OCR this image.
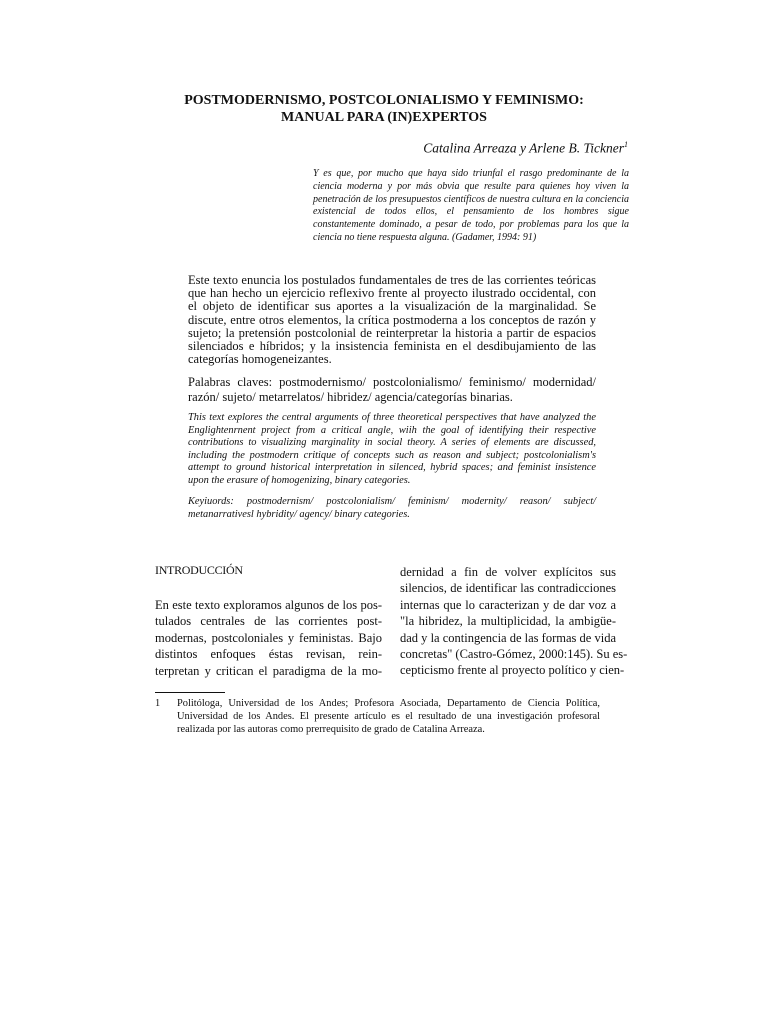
POSTMODERNISMO, POSTCOLONIALISMO Y FEMINISMO:
MANUAL PARA (IN)EXPERTOS
Catalina Arreaza y Arlene B. Tickner$^1$
Y es que, por mucho que haya sido triunfal el rasgo predominante de la ciencia moderna y por más obvia que resulte para quienes hoy viven la penetración de los presupuestos científicos de nuestra cultura en la conciencia existencial de todos ellos, el pensamiento de los hombres sigue constantemente dominado, a pesar de todo, por problemas para los que la ciencia no tiene respuesta alguna. (Gadamer, 1994: 91)
Este texto enuncia los postulados fundamentales de tres de las corrientes teóricas que han hecho un ejercicio reflexivo frente al proyecto ilustrado occidental, con el objeto de identificar sus aportes a la visualización de la marginalidad. Se discute, entre otros elementos, la crítica postmoderna a los conceptos de razón y sujeto; la pretensión postcolonial de reinterpretar la historia a partir de espacios silenciados e híbridos; y la insistencia feminista en el desdibujamiento de las categorías homogeneizantes.
Palabras claves: postmodernismo/ postcolonialismo/ feminismo/ modernidad/ razón/ sujeto/ metarrelatos/ hibridez/ agencia/categorías binarias.
This text explores the central arguments of three theoretical perspectives that have analyzed the Englightenrnent project from a critical angle, wiih the goal of identifying their respective contributions to visualizing marginality in social theory. A series of elements are discussed, including the postmodern critique of concepts such as reason and subject; postcolonialism's attempt to ground historical interpretation in silenced, hybrid spaces; and feminist insistence upon the erasure of homogenizing, binary categories.
Keyiuords: postmodernism/ postcolonialism/ feminism/ modernity/ reason/ subject/ metanarrativesl hybridity/ agency/ binary categories.
INTRODUCCIÓN
En este texto exploramos algunos de los pos-
tulados centrales de las corrientes post-
modernas, postcoloniales y feministas. Bajo
distintos enfoques éstas revisan, rein-
terpretan y critican el paradigma de la mo-
dernidad a fin de volver explícitos sus
silencios, de identificar las contradicciones
internas que lo caracterizan y de dar voz a
"la hibridez, la multiplicidad, la ambigüe-
dad y la contingencia de las formas de vida
concretas" (Castro-Gómez, 2000:145). Su es-
cepticismo frente al proyecto político y cien-
1 Politóloga, Universidad de los Andes; Profesora Asociada, Departamento de Ciencia Política, Universidad de los Andes. El presente artículo es el resultado de una investigación profesoral realizada por las autoras como prerrequisito de grado de Catalina Arreaza.
